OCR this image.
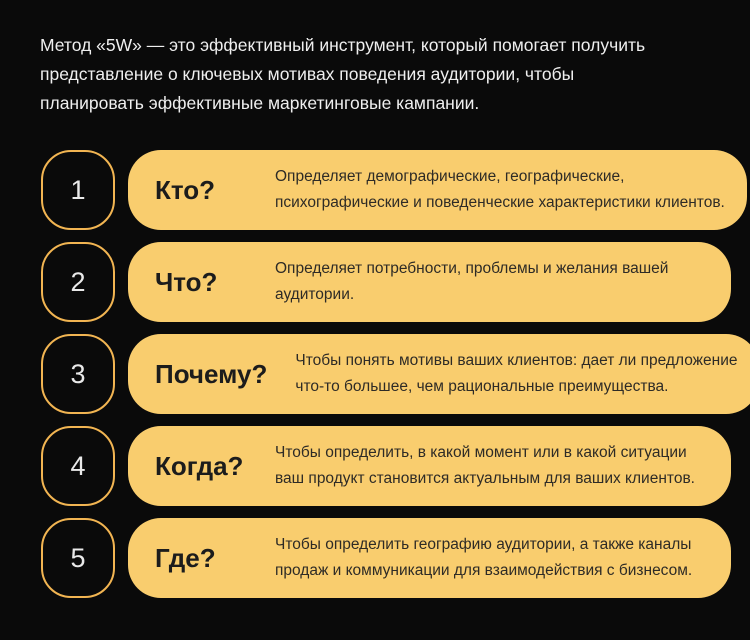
Метод «5W» — это эффективный инструмент, который помогает получить
представление о ключевых мотивах поведения аудитории, чтобы
планировать эффективные маркетинговые кампании.
1	Кто?	Определяет демографические, географические,
психографические и поведенческие характеристики клиентов.
2	Что?	Определяет потребности, проблемы и желания вашей
аудитории.
3	Почему? Чтобы понять мотивы ваших клиентов: дает ли предложение
что-то большее, чем рациональные преимущества.
4	Когда? Чтобы определить, в какой момент или в какой ситуации
ваш продукт становится актуальным для ваших клиентов.
5	Где?	Чтобы определить географию аудитории, а также каналы
продаж и коммуникации для взаимодействия с бизнесом.
